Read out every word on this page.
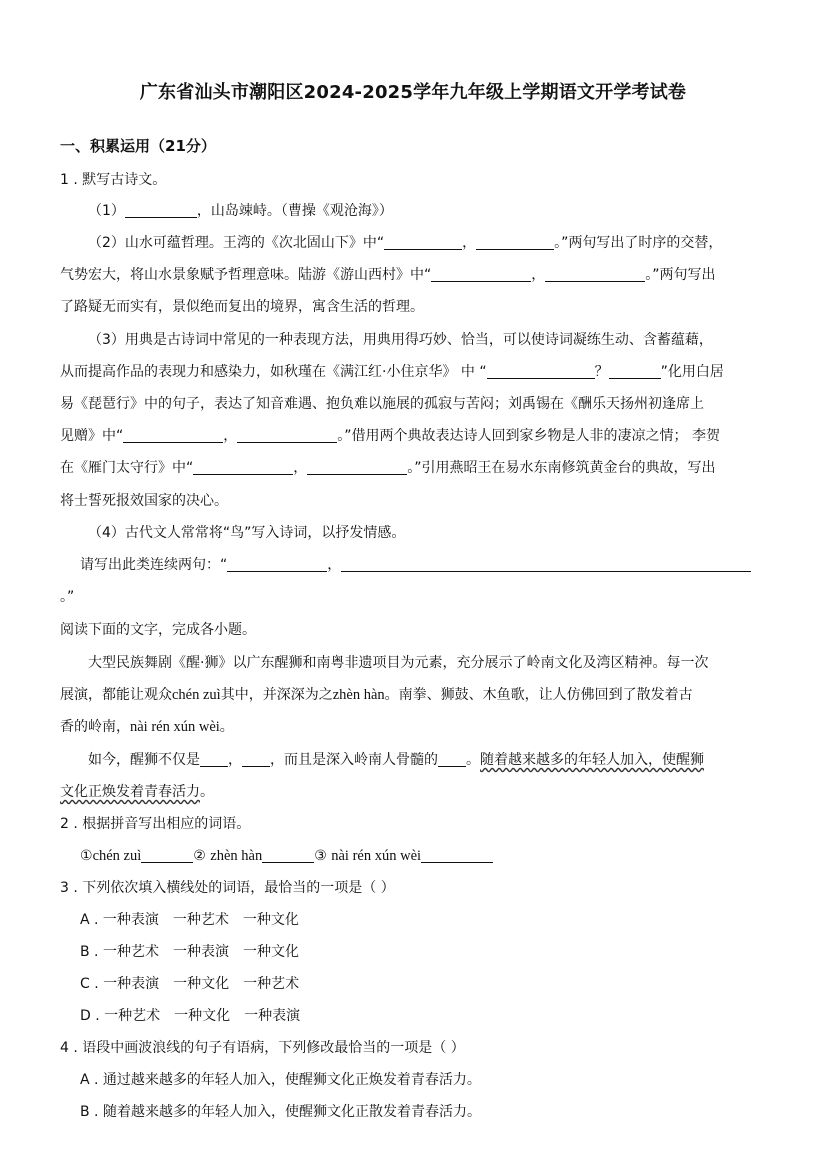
广东省汕头市潮阳区2024-2025学年九年级上学期语文开学考试卷
一、积累运用（21分）
1 . 默写古诗文。
（1）	，山岛竦峙。（曹操《观沧海》）
（2）山水可蕴哲理。王湾的《次北固山下》中“	，	。”两句写出了时序的交替，
气势宏大，将山水景象赋予哲理意味。陆游《游山西村》中“	，	。”两句写出
了路疑无而实有，景似绝而复出的境界，寓含生活的哲理。
（3）用典是古诗词中常见的一种表现方法，用典用得巧妙、恰当，可以使诗词凝练生动、含蓄蕴藉，
从而提高作品的表现力和感染力，如秋瑾在《满江红·小住京华》 中 “	？	”化用白居
易《琵琶行》中的句子，表达了知音难遇、抱负难以施展的孤寂与苦闷；刘禹锡在《酬乐天扬州初逢席上
见赠》中“	，	。”借用两个典故表达诗人回到家乡物是人非的凄凉之情； 李贺
在《雁门太守行》中“	，	。”引用燕昭王在易水东南修筑黄金台的典故，写出
将士誓死报效国家的决心。
（4）古代文人常常将“鸟”写入诗词，以抒发情感。
请写出此类连续两句：“	，
。”
阅读下面的文字，完成各小题。
大型民族舞剧《醒·狮》以广东醒狮和南粤非遗项目为元素，充分展示了岭南文化及湾区精神。每一次
展演，都能让观众chén zuì其中，并深深为之zhèn hàn。南拳、狮鼓、木鱼歌，让人仿佛回到了散发着古
香的岭南，nài rén xún wèi。
如今，醒狮不仅是 ， ，而且是深入岭南人骨髓的 。随着越来越多的年轻人加入，使醒狮
文化正焕发着青春活力。
2 . 根据拼音写出相应的词语。
①chén zuì	② zhèn hàn	③ nài rén xún wèi
3 . 下列依次填入横线处的词语，最恰当的一项是（ ）
A . 一种表演　一种艺术　一种文化
B . 一种艺术　一种表演　一种文化
C . 一种表演　一种文化　一种艺术
D . 一种艺术　一种文化　一种表演
4 . 语段中画波浪线的句子有语病，下列修改最恰当的一项是（ ）
A . 通过越来越多的年轻人加入，使醒狮文化正焕发着青春活力。
B . 随着越来越多的年轻人加入，使醒狮文化正散发着青春活力。
